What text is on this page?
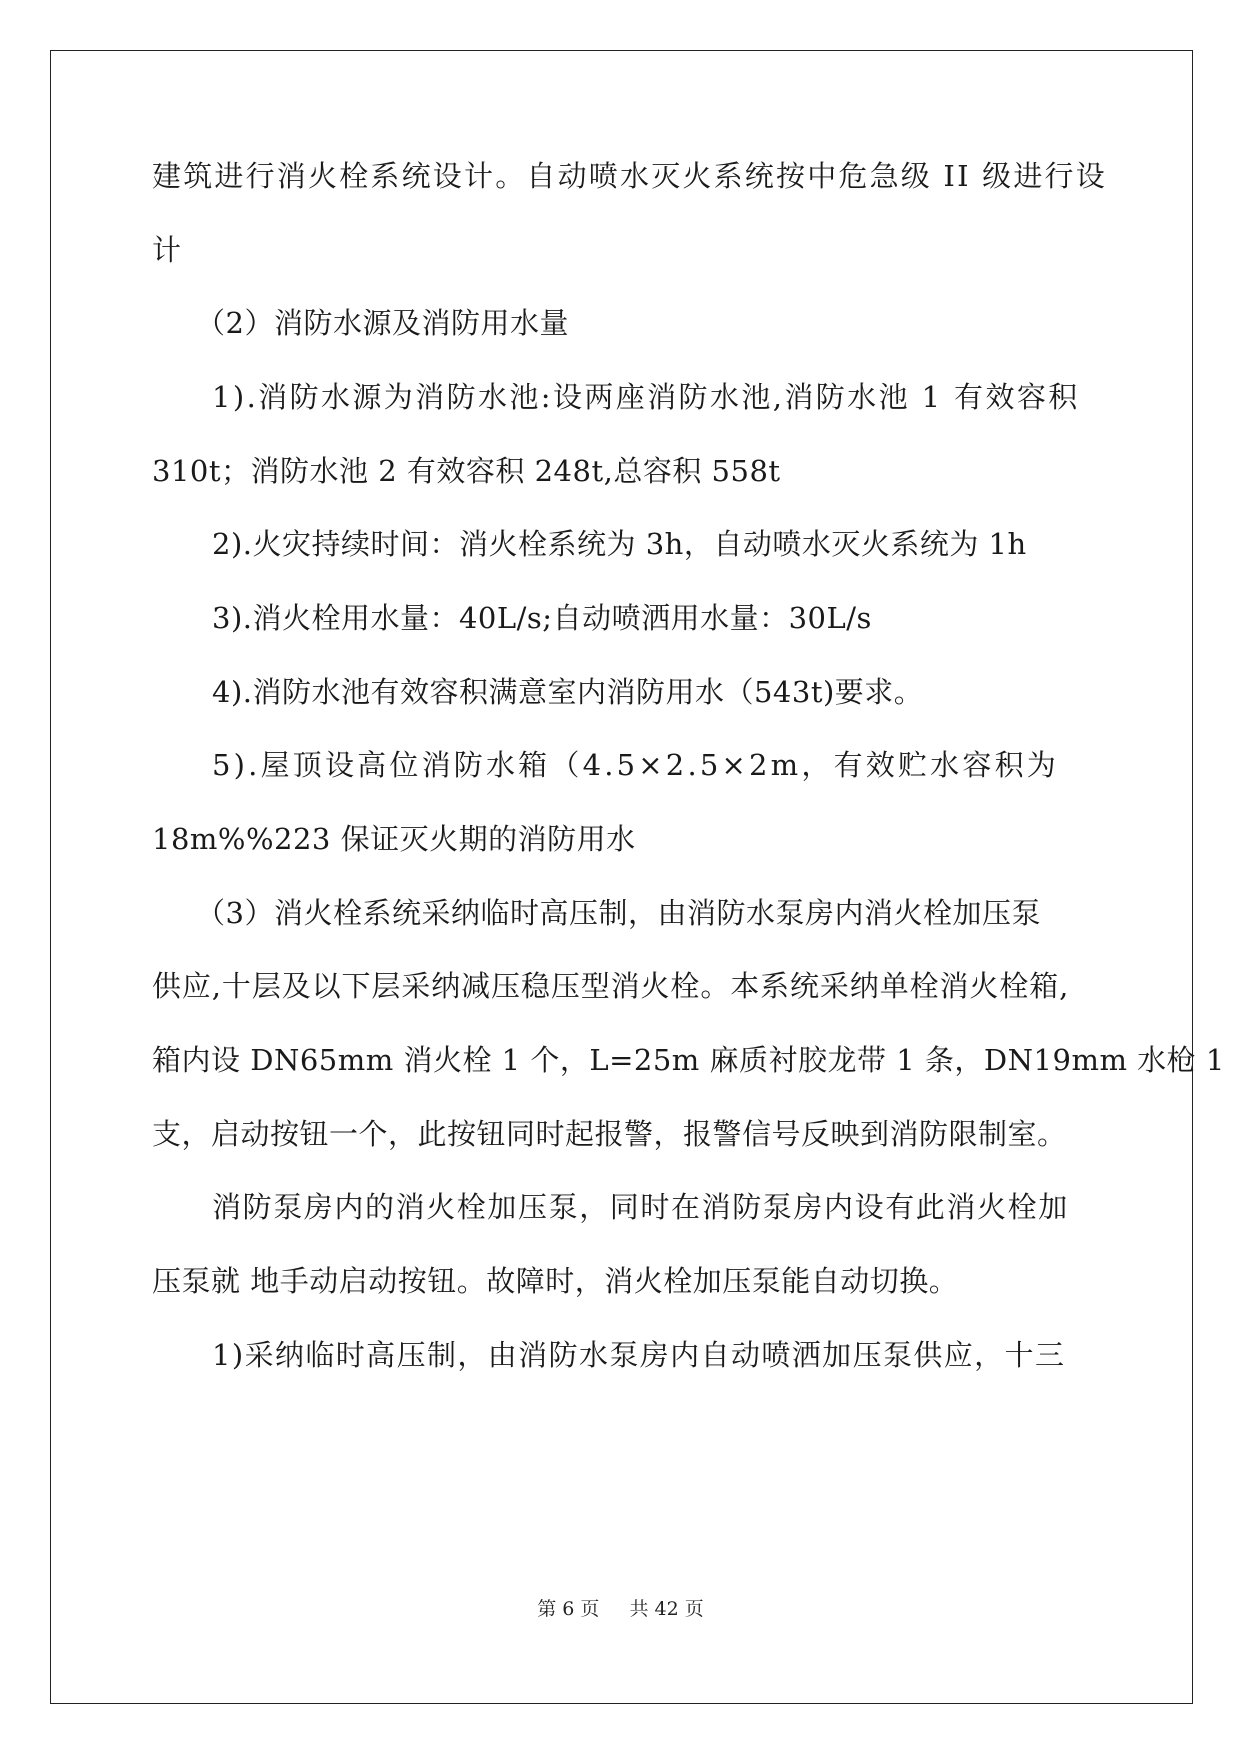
建筑进行消火栓系统设计。自动喷水灭火系统按中危急级 II 级进行设
计
（2）消防水源及消防用水量
1).消防水源为消防水池:设两座消防水池,消防水池 1 有效容积
310t；消防水池 2 有效容积 248t,总容积 558t
2).火灾持续时间：消火栓系统为 3h，自动喷水灭火系统为 1h
3).消火栓用水量：40L/s;自动喷洒用水量：30L/s
4).消防水池有效容积满意室内消防用水（543t)要求。
5).屋顶设高位消防水箱（4.5×2.5×2m，有效贮水容积为
18m%%223 保证灭火期的消防用水
（3）消火栓系统采纳临时高压制，由消防水泵房内消火栓加压泵
供应,十层及以下层采纳减压稳压型消火栓。本系统采纳单栓消火栓箱,
箱内设 DN65mm 消火栓 1 个，L=25m 麻质衬胶龙带 1 条，DN19mm 水枪 1
支，启动按钮一个，此按钮同时起报警，报警信号反映到消防限制室。
消防泵房内的消火栓加压泵，同时在消防泵房内设有此消火栓加
压泵就 地手动启动按钮。故障时，消火栓加压泵能自动切换。
1)采纳临时高压制，由消防水泵房内自动喷洒加压泵供应，十三
第 6 页 共 42 页
